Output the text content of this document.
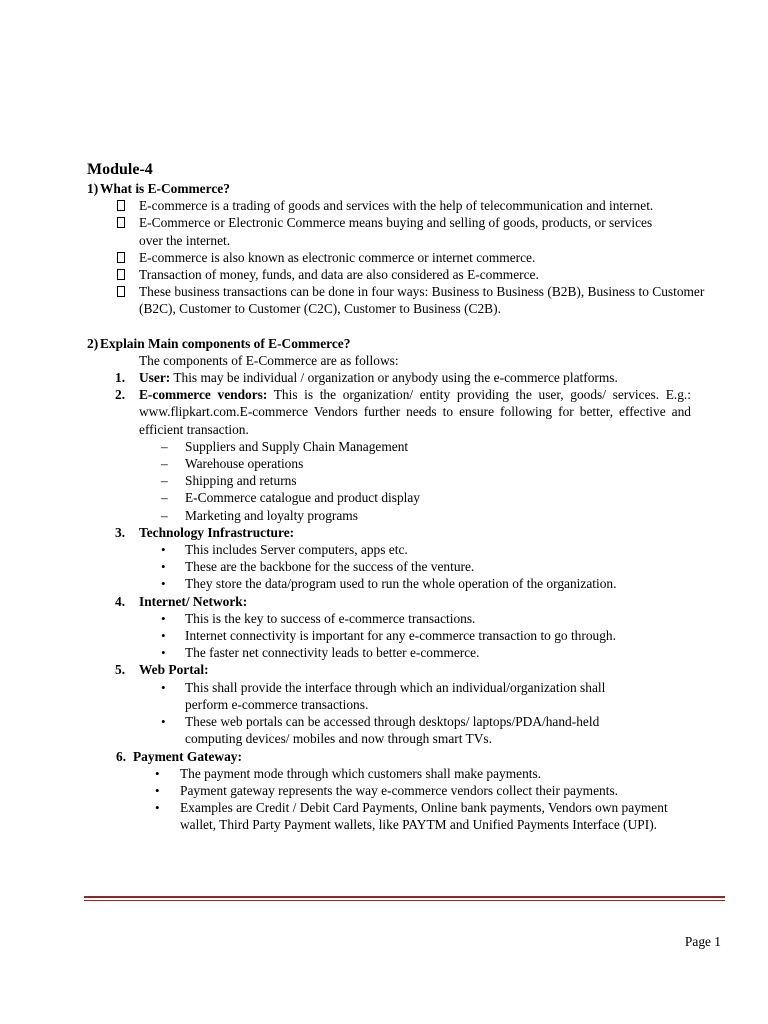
Module-4

1) What is E-Commerce?

E-commerce is a trading of goods and services with the help of telecommunication and internet.
E-Commerce or Electronic Commerce means buying and selling of goods, products, or services over the internet.
E-commerce is also known as electronic commerce or internet commerce.
Transaction of money, funds, and data are also considered as E-commerce.
These business transactions can be done in four ways: Business to Business (B2B), Business to Customer (B2C), Customer to Customer (C2C), Customer to Business (C2B).

2) Explain Main components of E-Commerce?

The components of E-Commerce are as follows:

1. User: This may be individual / organization or anybody using the e-commerce platforms.
2. E-commerce vendors: This is the organization/ entity providing the user, goods/ services. E.g.: www.flipkart.com.E-commerce Vendors further needs to ensure following for better, effective and efficient transaction.
– Suppliers and Supply Chain Management
– Warehouse operations
– Shipping and returns
– E-Commerce catalogue and product display
– Marketing and loyalty programs
3. Technology Infrastructure:
• This includes Server computers, apps etc.
• These are the backbone for the success of the venture.
• They store the data/program used to run the whole operation of the organization.
4. Internet/ Network:
• This is the key to success of e-commerce transactions.
• Internet connectivity is important for any e-commerce transaction to go through.
• The faster net connectivity leads to better e-commerce.
5. Web Portal:
• This shall provide the interface through which an individual/organization shall perform e-commerce transactions.
• These web portals can be accessed through desktops/ laptops/PDA/hand-held computing devices/ mobiles and now through smart TVs.
6. Payment Gateway:
• The payment mode through which customers shall make payments.
• Payment gateway represents the way e-commerce vendors collect their payments.
• Examples are Credit / Debit Card Payments, Online bank payments, Vendors own payment wallet, Third Party Payment wallets, like PAYTM and Unified Payments Interface (UPI).
Page 1
